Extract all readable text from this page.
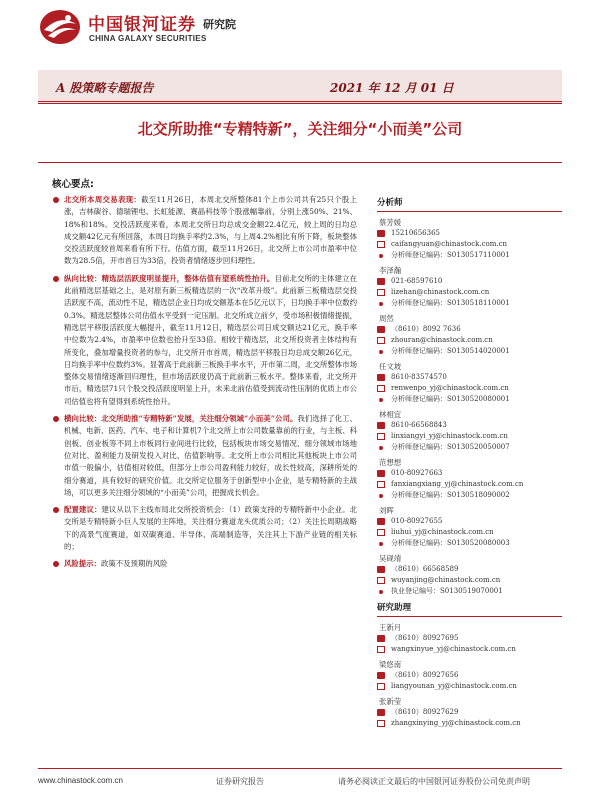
中国银河证券
CHINA GALAXY SECURITIES
研究院
A 股策略专题报告	2021 年 12 月 01 日
北交所助推“专精特新”，关注细分“小而美”公司
核心要点:
北交所本周交易表现：截至11月26日，本周北交所整体81个上市公司共有25只个股上涨，吉林碳谷、德瑞锂电、长虹能源、赛晶科技等个股涨幅靠前，分别上涨50%、21%、18%和18%。交投活跃度来看，本周北交所日均总成交金额22.4亿元，较上周的日均总成交额42亿元有所回落，本周日均换手率约2.3%，与上周4.2%相比有所下降，板块整体交投活跃度较首周来看有所下行。估值方面，截至11月26日，北交所上市公司市盈率中位数为28.5倍，开市首日为33倍，投资者情绪逐步回归理性。
纵向比较：精选层活跃度明显提升，整体估值有望系统性抬升。目前北交所的主体建立在此前精选层基础之上，是对原有新三板精选层的一次“改革升级”。此前新三板精选层交投活跃度不高，流动性不足，精选层企业日均成交额基本在5亿元以下，日均换手率中位数约0.3%。精选层整体公司估值水平受到一定压制。北交所成立前夕，受市场积极情绪提振，精选层平移股活跃度大幅提升，截至11月12日，精选层公司日成交额达21亿元，换手率中位数为2.4%，市盈率中位数也抬升至33倍。相较于精选层，北交所投资者主体结构有所变化，叠加增量投资者的参与，北交所开市首周，精选层平移股日均总成交额26亿元，日均换手率中位数约3%。显著高于此前新三板换手率水平，开市第二周，北交所整体市场整体交易情绪逐渐回归理性，但市场活跃度仍高于此前新三板水平。整体来看，北交所开市后，精选层71只个股交投活跃度明显上升，未来北前估值受到流动性压制的优质上市公司估值也将有望得到系统性抬升。
横向比较：北交所助推“专精特新”发展，关注细分领域“小而美”公司。我们选择了化工、机械、电新、医药、汽车、电子和计算机7个北交所上市公司数量靠前的行业，与主板、科创板、创业板等不同上市板同行业间进行比较，包括板块市场交易情况、细分领域市场地位对比、盈利能力及研发投入对比、估值影响等。北交所上市公司相比其他板块上市公司市值一般偏小，估值相对较低，但部分上市公司盈利能力较好，成长性较高，深耕所处的细分赛道，具有较好的研究价值。北交所定位服务于创新型中小企业，是专精特新的主战场，可以更多关注细分领域的“小而美”公司，把握成长机会。
配置建议：建议从以下主线布局北交所投资机会：（1）政策支持的专精特新中小企业。北交所是专精特新小巨人发展的主阵地，关注细分赛道龙头优质公司；（2）关注长周期战略下的高景气度赛道，如双碳赛道、半导体、高端制造等，关注其上下游产业链的相关标的；
风险提示：政策不及预期的风险
分析师
蔡芳媛
15210656365
caifangyuan@chinastock.com.cn
分析师登记编码：S0130517110001
李泽瀚
021-68597610
lizehan@chinastock.com.cn
分析师登记编码：S0130518110001
周然
（8610）8092 7636
zhouran@chinastock.com.cn
分析师登记编码：S0130514020001
任文坡
8610-83574570
renwenpo_yj@chinastock.com.cn
分析师登记编码：S0130520080001
林相宜
8610-66568843
linxiangyi_yj@chinastock.com.cn
分析师登记编码：S0130520050007
范想想
010-80927663
fanxiangxiang_yj@chinastock.com.cn
分析师登记编码：S0130518090002
刘晖
010-80927655
liuhui_yj@chinastock.com.cn
分析师登记编码：S0130520080003
吴砚靖
（8610）66568589
wuyanjing@chinastock.com.cn
执业登记编号：S0130519070001
研究助理
王新月
（8610）80927695
wangxinyue_yj@chinastock.com.cn
梁悠南
（8610）80927656
liangyounan_yj@chinastock.com.cn
张新莹
（8610）80927629
zhangxinying_yj@chinastock.com.cn
www.chinastock.com.cn	证券研究报告	请务必阅读正文最后的中国银河证券股份公司免责声明
